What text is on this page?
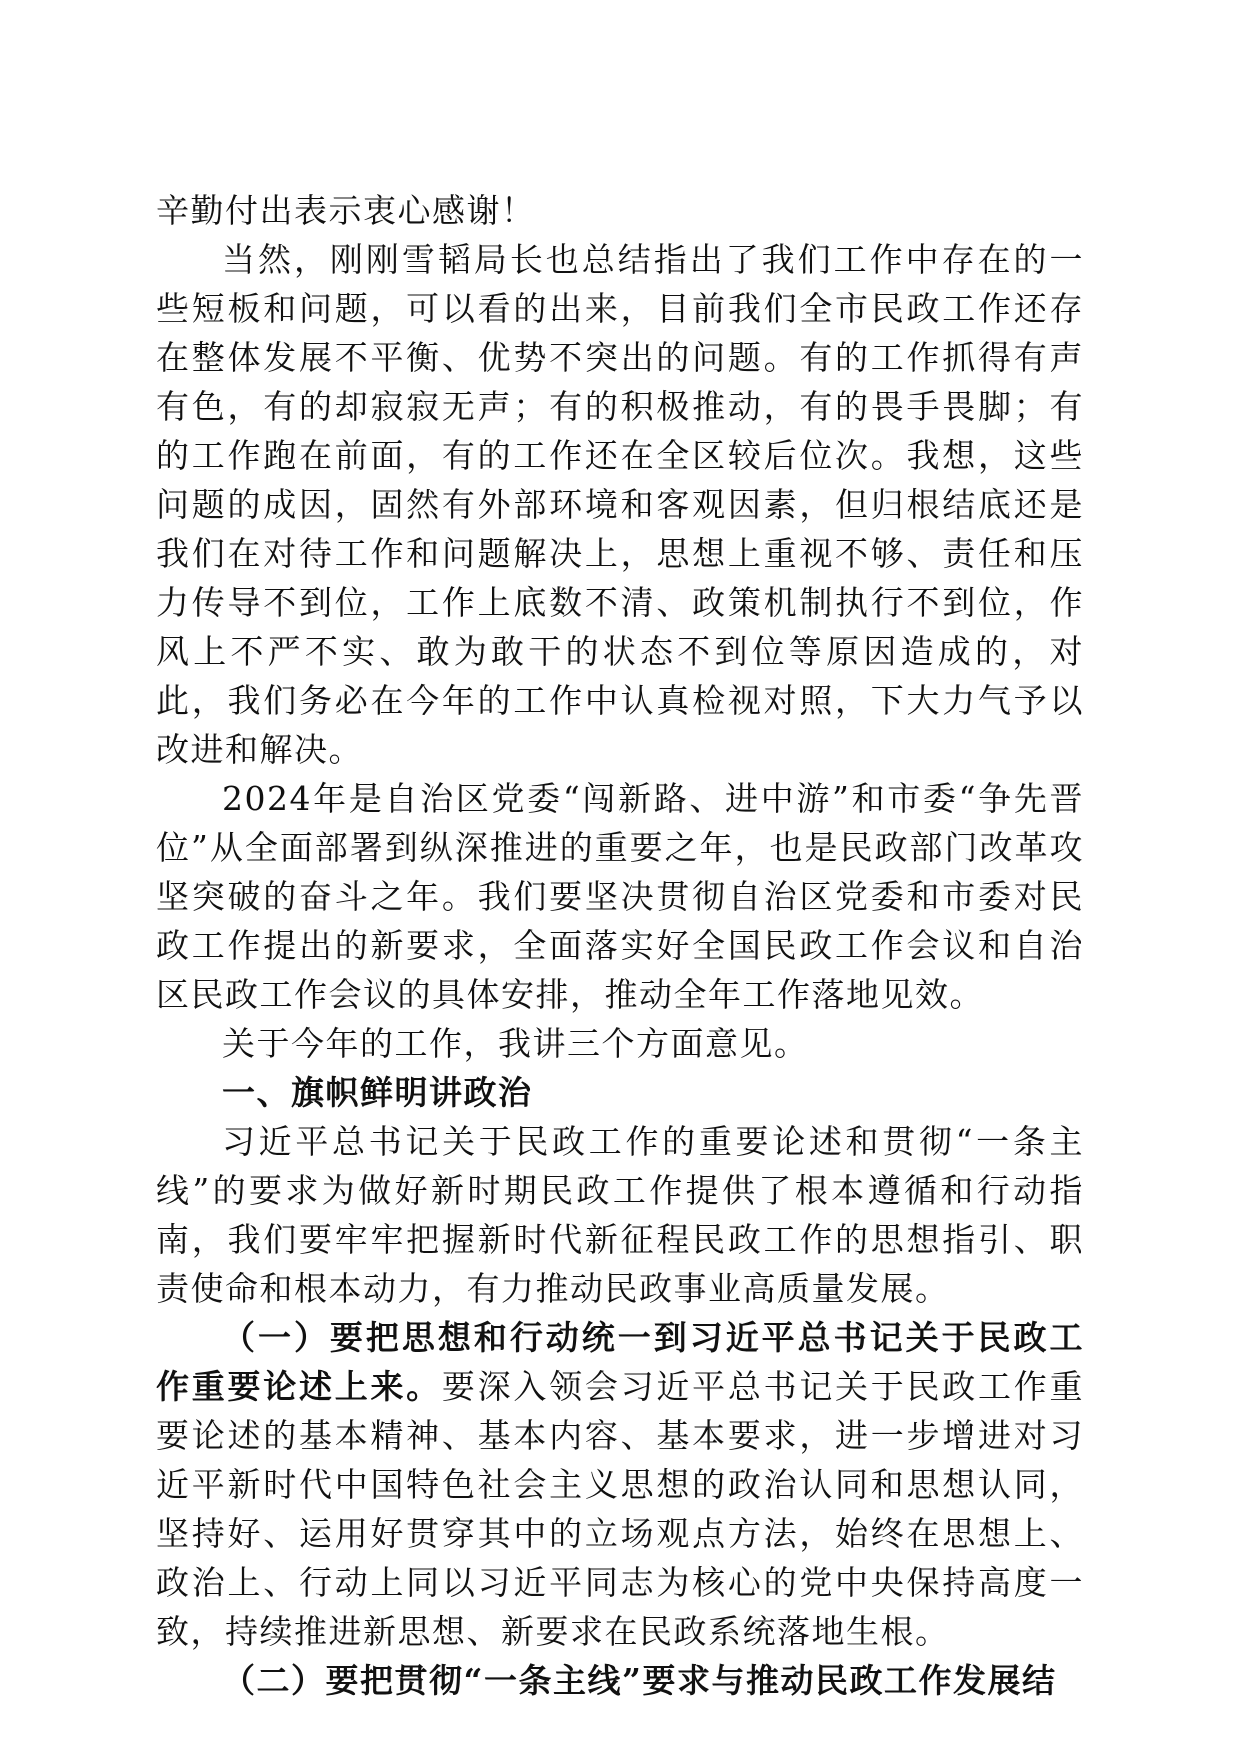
辛勤付出表示衷心感谢！

当然，刚刚雪韬局长也总结指出了我们工作中存在的一些短板和问题，可以看的出来，目前我们全市民政工作还存在整体发展不平衡、优势不突出的问题。有的工作抓得有声有色，有的却寂寂无声；有的积极推动，有的畏手畏脚；有的工作跑在前面，有的工作还在全区较后位次。我想，这些问题的成因，固然有外部环境和客观因素，但归根结底还是我们在对待工作和问题解决上，思想上重视不够、责任和压力传导不到位，工作上底数不清、政策机制执行不到位，作风上不严不实、敢为敢干的状态不到位等原因造成的，对此，我们务必在今年的工作中认真检视对照，下大力气予以改进和解决。

2024年是自治区党委“闯新路、进中游”和市委“争先晋位”从全面部署到纵深推进的重要之年，也是民政部门改革攻坚突破的奋斗之年。我们要坚决贯彻自治区党委和市委对民政工作提出的新要求，全面落实好全国民政工作会议和自治区民政工作会议的具体安排，推动全年工作落地见效。

关于今年的工作，我讲三个方面意见。

一、旗帜鲜明讲政治

习近平总书记关于民政工作的重要论述和贯彻“一条主线”的要求为做好新时期民政工作提供了根本遵循和行动指南，我们要牢牢把握新时代新征程民政工作的思想指引、职责使命和根本动力，有力推动民政事业高质量发展。

（一）要把思想和行动统一到习近平总书记关于民政工作重要论述上来。要深入领会习近平总书记关于民政工作重要论述的基本精神、基本内容、基本要求，进一步增进对习近平新时代中国特色社会主义思想的政治认同和思想认同，坚持好、运用好贯穿其中的立场观点方法，始终在思想上、政治上、行动上同以习近平同志为核心的党中央保持高度一致，持续推进新思想、新要求在民政系统落地生根。

（二）要把贯彻“一条主线”要求与推动民政工作发展结
